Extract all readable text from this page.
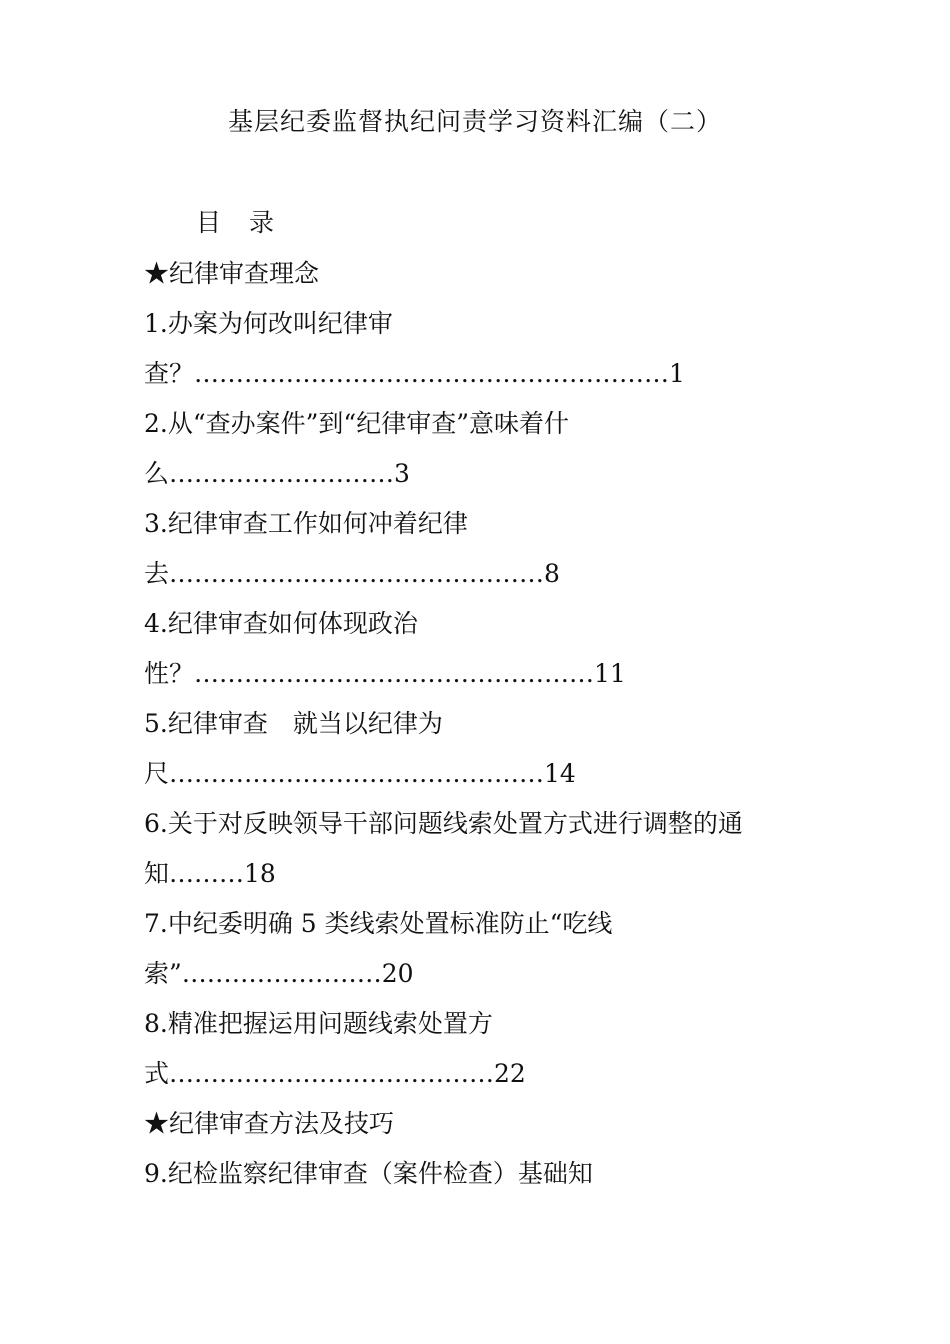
基层纪委监督执纪问责学习资料汇编（二）
目 录
★纪律审查理念
1.办案为何改叫纪律审
查？…………………………………………………1
2.从“查办案件”到“纪律审查”意味着什
么………………………3
3.纪律审查工作如何冲着纪律
去………………………………………8
4.纪律审查如何体现政治
性？…………………………………………11
5.纪律审查　就当以纪律为
尺………………………………………14
6.关于对反映领导干部问题线索处置方式进行调整的通
知………18
7.中纪委明确 5 类线索处置标准防止“吃线
索”……………………20
8.精准把握运用问题线索处置方
式…………………………………22
★纪律审查方法及技巧
9.纪检监察纪律审查（案件检查）基础知
